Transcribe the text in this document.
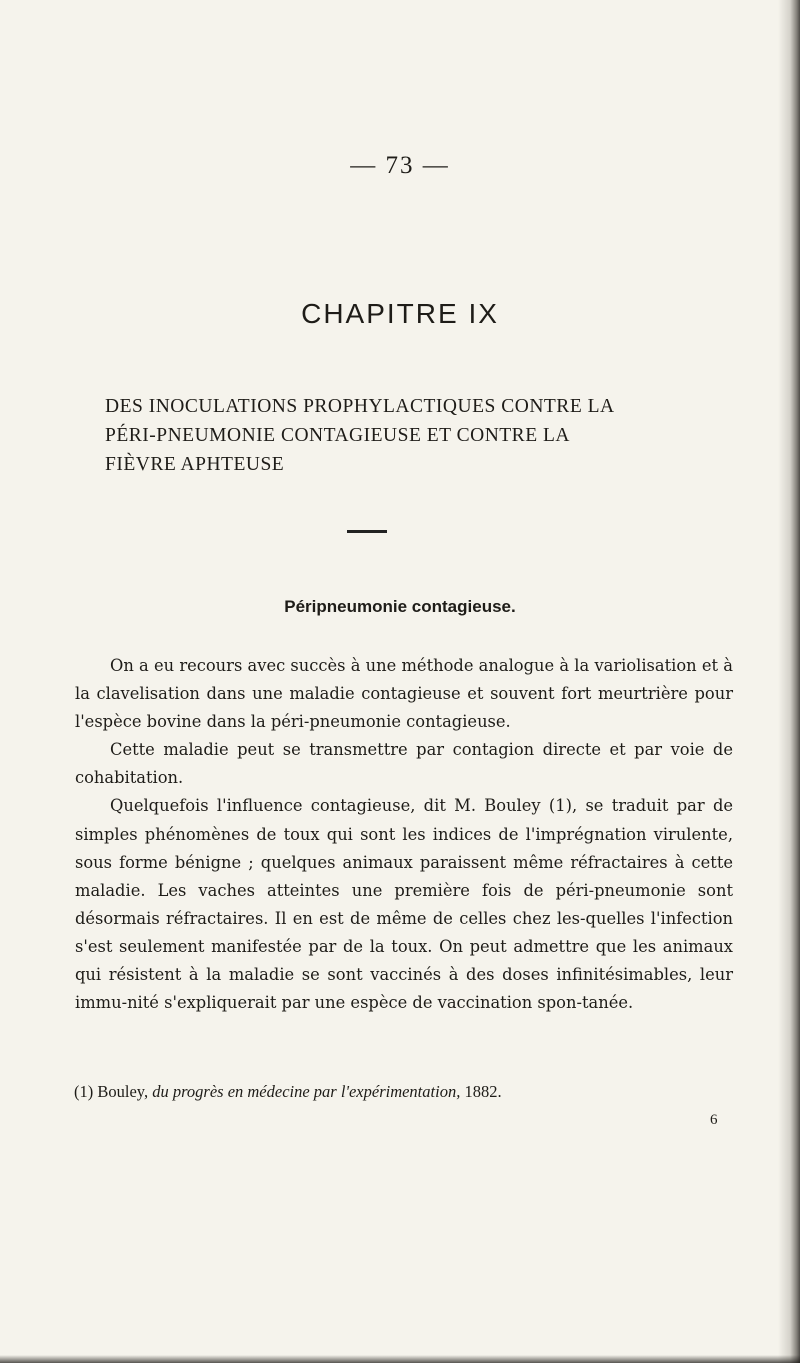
— 73 —
CHAPITRE IX
DES INOCULATIONS PROPHYLACTIQUES CONTRE LA
PÉRI-PNEUMONIE CONTAGIEUSE ET CONTRE LA
FIÈVRE APHTEUSE
Péripneumonie contagieuse.

On a eu recours avec succès à une méthode analogue à la variolisation et à la clavelisation dans une maladie contagieuse et souvent fort meurtrière pour l'espèce bovine dans la péri-pneumonie contagieuse.

Cette maladie peut se transmettre par contagion directe et par voie de cohabitation.

Quelquefois l'influence contagieuse, dit M. Bouley (1), se traduit par de simples phénomènes de toux qui sont les indices de l'imprégnation virulente, sous forme bénigne ; quelques animaux paraissent même réfractaires à cette maladie. Les vaches atteintes une première fois de péri-pneumonie sont désormais réfractaires. Il en est de même de celles chez les-quelles l'infection s'est seulement manifestée par de la toux. On peut admettre que les animaux qui résistent à la maladie se sont vaccinés à des doses infinitésimables, leur immu-nité s'expliquerait par une espèce de vaccination spon-tanée.

(1) Bouley, du progrès en médecine par l'expérimentation, 1882.
6
